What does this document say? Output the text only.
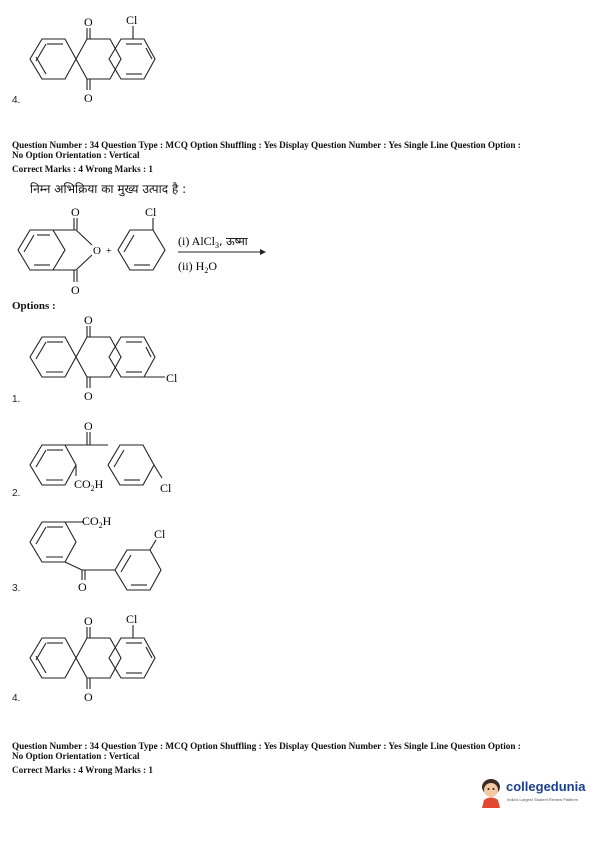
O
O
Cl
4.
Question Number : 34 Question Type : MCQ Option Shuffling : Yes Display Question Number : Yes Single Line Question Option :
No Option Orientation : Vertical
Correct Marks : 4 Wrong Marks : 1
निम्न अभिक्रिया का मुख्य उत्पाद है :
O
O
O +
Cl
(i) AlCl$_3$, ऊष्मा
(ii) $H_2O$
Options :
O
O
Cl
1.
O
$CO_2H$	Cl
2.
$CO_2H$
O
Cl
3.
O
O
Cl
4.
Question Number : 34 Question Type : MCQ Option Shuffling : Yes Display Question Number : Yes Single Line Question Option :
No Option Orientation : Vertical
Correct Marks : 4 Wrong Marks : 1
collegedunia
India's Largest Student Review Platform
